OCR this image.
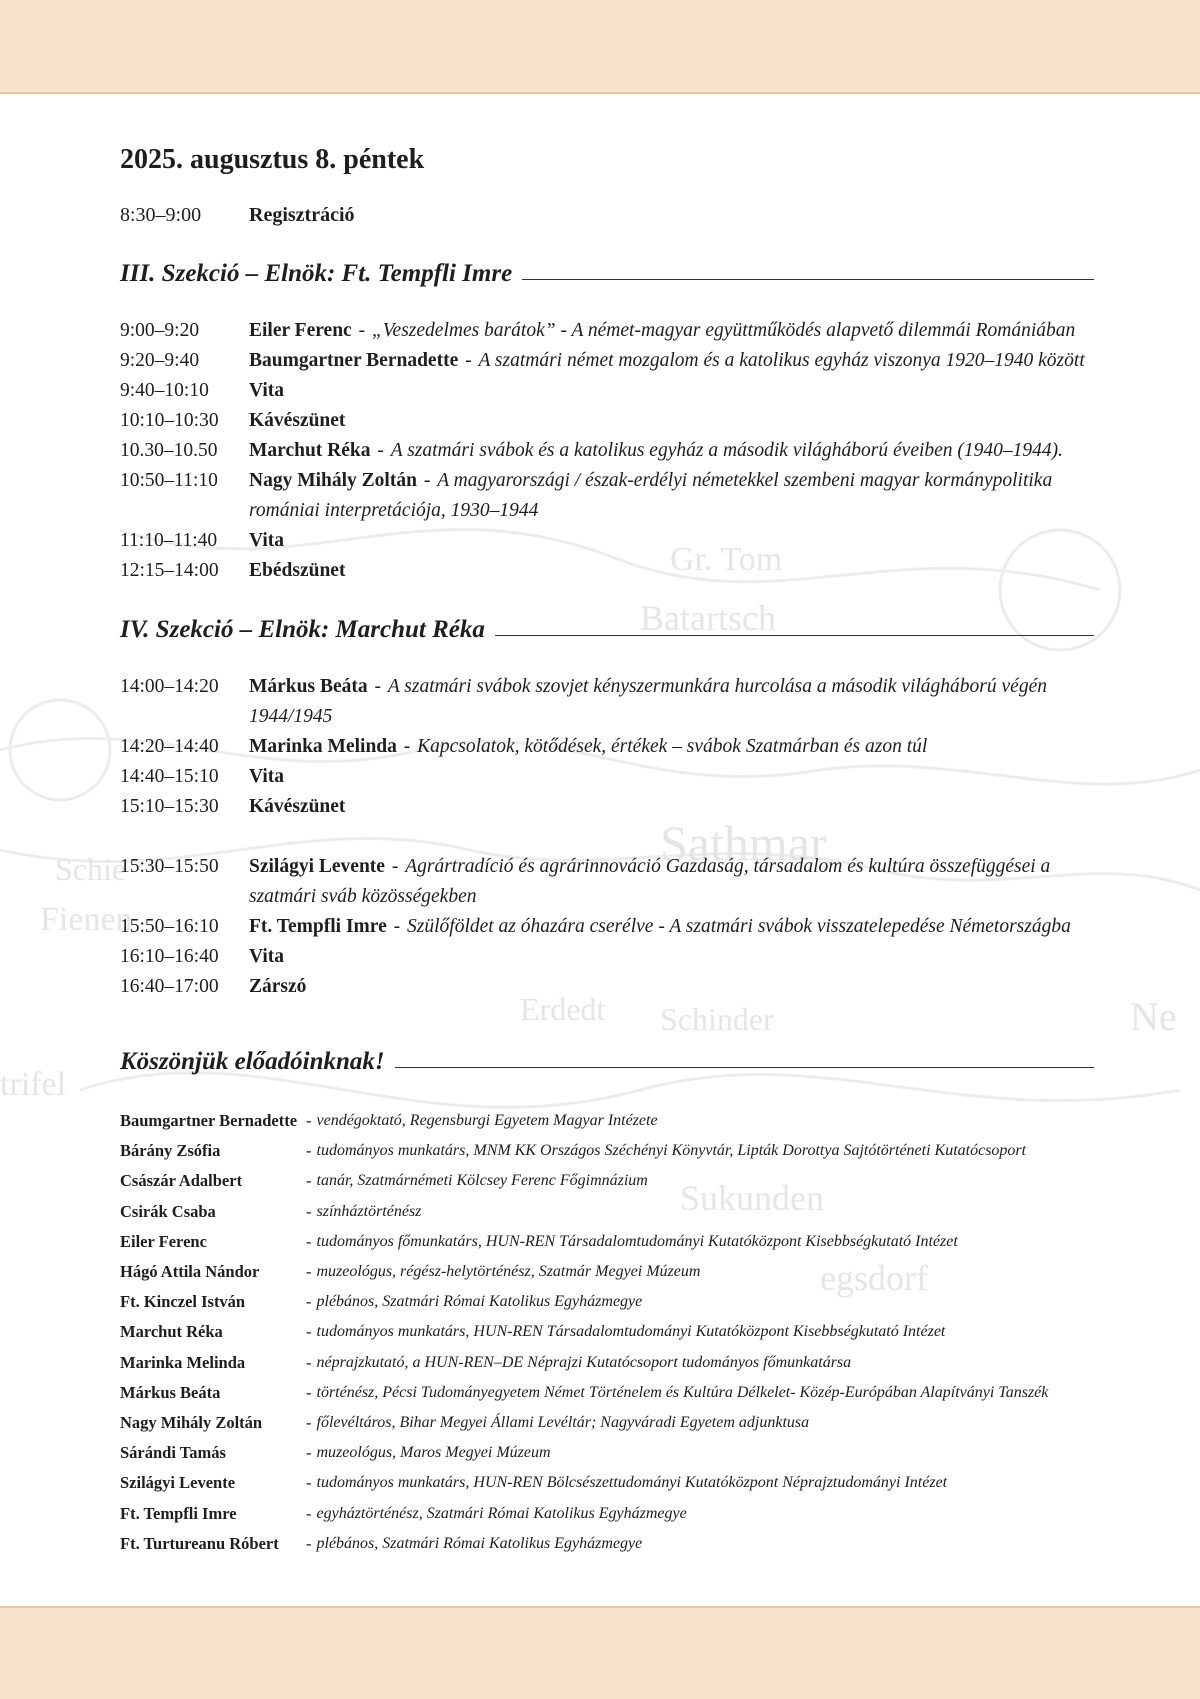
Gr. Tom
Batartsch
Sathmar
Schie
Fienen
Erdedt Schinder
Sukunden
egsdorf
trifel
Ne
2025. augusztus 8. péntek
8:30–9:00	Regisztráció
III. Szekció – Elnök: Ft. Tempfli Imre
9:00–9:20	Eiler Ferenc - „Veszedelmes barátok” - A német-magyar együttműködés alapvető dilemmái Romániában
9:20–9:40	Baumgartner Bernadette - A szatmári német mozgalom és a katolikus egyház viszonya 1920–1940 között
9:40–10:10	Vita
10:10–10:30	Kávészünet
10.30–10.50	Marchut Réka - A szatmári svábok és a katolikus egyház a második világháború éveiben (1940–1944).
10:50–11:10	Nagy Mihály Zoltán - A magyarországi / észak-erdélyi németekkel szembeni magyar kormánypolitika romániai interpretációja, 1930–1944
11:10–11:40	Vita
12:15–14:00	Ebédszünet
IV. Szekció – Elnök: Marchut Réka
14:00–14:20	Márkus Beáta - A szatmári svábok szovjet kényszermunkára hurcolása a második világháború végén 1944/1945
14:20–14:40	Marinka Melinda - Kapcsolatok, kötődések, értékek – svábok Szatmárban és azon túl
14:40–15:10	Vita
15:10–15:30	Kávészünet
15:30–15:50	Szilágyi Levente - Agrártradíció és agrárinnováció Gazdaság, társadalom és kultúra összefüggései a szatmári sváb közösségekben
15:50–16:10	Ft. Tempfli Imre - Szülőföldet az óhazára cserélve - A szatmári svábok visszatelepedése Németországba
16:10–16:40	Vita
16:40–17:00	Zárszó
Köszönjük előadóinknak!
Baumgartner Bernadette - vendégoktató, Regensburgi Egyetem Magyar Intézete
Bárány Zsófia	- tudományos munkatárs, MNM KK Országos Széchényi Könyvtár, Lipták Dorottya Sajtótörténeti Kutatócsoport
Császár Adalbert	- tanár, Szatmárnémeti Kölcsey Ferenc Főgimnázium
Csirák Csaba	- színháztörténész
Eiler Ferenc	- tudományos főmunkatárs, HUN-REN Társadalomtudományi Kutatóközpont Kisebbségkutató Intézet
Hágó Attila Nándor	- muzeológus, régész-helytörténész, Szatmár Megyei Múzeum
Ft. Kinczel István	- plébános, Szatmári Római Katolikus Egyházmegye
Marchut Réka	- tudományos munkatárs, HUN-REN Társadalomtudományi Kutatóközpont Kisebbségkutató Intézet
Marinka Melinda	- néprajzkutató, a HUN-REN–DE Néprajzi Kutatócsoport tudományos főmunkatársa
Márkus Beáta	- történész, Pécsi Tudományegyetem Német Történelem és Kultúra Délkelet- Közép-Európában Alapítványi Tanszék
Nagy Mihály Zoltán	- főlevéltáros, Bihar Megyei Állami Levéltár; Nagyváradi Egyetem adjunktusa
Sárándi Tamás	- muzeológus, Maros Megyei Múzeum
Szilágyi Levente	- tudományos munkatárs, HUN-REN Bölcsészettudományi Kutatóközpont Néprajztudományi Intézet
Ft. Tempfli Imre	- egyháztörténész, Szatmári Római Katolikus Egyházmegye
Ft. Turtureanu Róbert	- plébános, Szatmári Római Katolikus Egyházmegye
